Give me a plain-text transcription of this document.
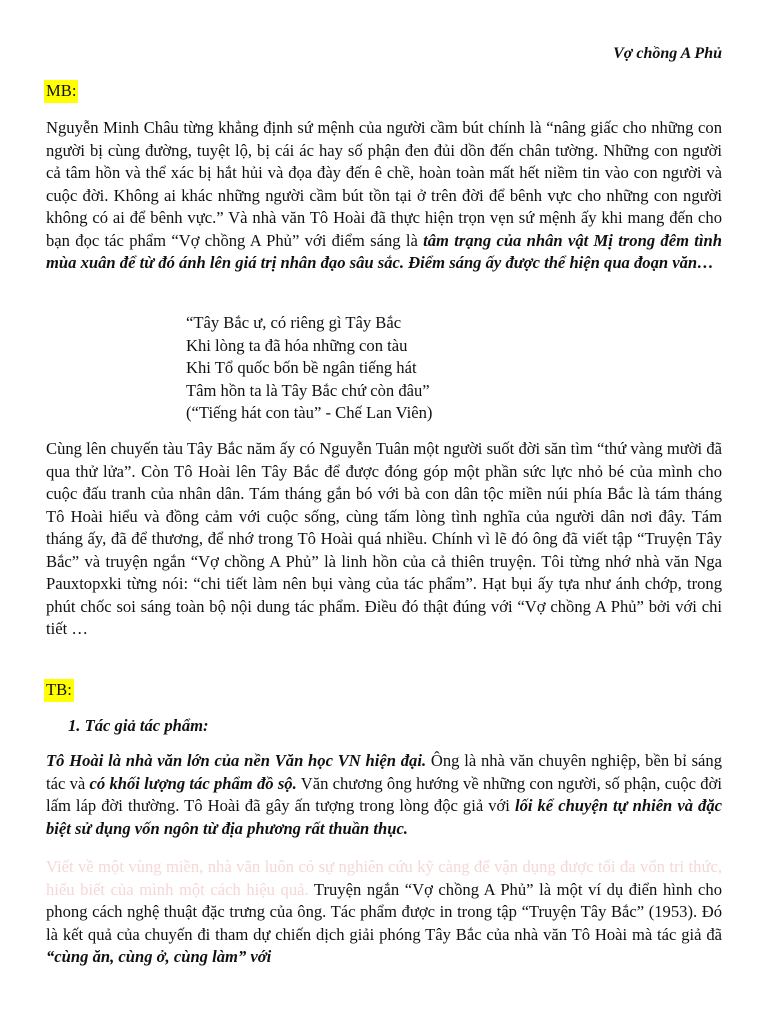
Vợ chồng A Phủ
MB:

Nguyễn Minh Châu từng khẳng định sứ mệnh của người cầm bút chính là “nâng giấc cho những con người bị cùng đường, tuyệt lộ, bị cái ác hay số phận đen đủi dồn đến chân tường. Những con người cả tâm hồn và thể xác bị hắt hủi và đọa đày đến ê chề, hoàn toàn mất hết niềm tin vào con người và cuộc đời. Không ai khác những người cầm bút tồn tại ở trên đời để bênh vực cho những con người không có ai để bênh vực.” Và nhà văn Tô Hoài đã thực hiện trọn vẹn sứ mệnh ấy khi mang đến cho bạn đọc tác phẩm “Vợ chồng A Phủ” với điểm sáng là tâm trạng của nhân vật Mị trong đêm tình mùa xuân để từ đó ánh lên giá trị nhân đạo sâu sắc. Điểm sáng ấy được thể hiện qua đoạn văn…

“Tây Bắc ư, có riêng gì Tây Bắc
Khi lòng ta đã hóa những con tàu
Khi Tổ quốc bốn bề ngân tiếng hát
Tâm hồn ta là Tây Bắc chứ còn đâu”
(“Tiếng hát con tàu” - Chế Lan Viên)

Cùng lên chuyến tàu Tây Bắc năm ấy có Nguyễn Tuân một người suốt đời săn tìm “thứ vàng mười đã qua thử lửa”. Còn Tô Hoài lên Tây Bắc để được đóng góp một phần sức lực nhỏ bé của mình cho cuộc đấu tranh của nhân dân. Tám tháng gắn bó với bà con dân tộc miền núi phía Bắc là tám tháng Tô Hoài hiểu và đồng cảm với cuộc sống, cùng tấm lòng tình nghĩa của người dân nơi đây. Tám tháng ấy, đã để thương, để nhớ trong Tô Hoài quá nhiều. Chính vì lẽ đó ông đã viết tập “Truyện Tây Bắc” và truyện ngắn “Vợ chồng A Phủ” là linh hồn của cả thiên truyện. Tôi từng nhớ nhà văn Nga Pauxtopxki từng nói: “chi tiết làm nên bụi vàng của tác phẩm”. Hạt bụi ấy tựa như ánh chớp, trong phút chốc soi sáng toàn bộ nội dung tác phẩm. Điều đó thật đúng với “Vợ chồng A Phủ” bởi với chi tiết …

TB:
1. Tác giả tác phẩm:

Tô Hoài là nhà văn lớn của nền Văn học VN hiện đại. Ông là nhà văn chuyên nghiệp, bền bỉ sáng tác và có khối lượng tác phẩm đồ sộ. Văn chương ông hướng về những con người, số phận, cuộc đời lấm láp đời thường. Tô Hoài đã gây ấn tượng trong lòng độc giả với lối kể chuyện tự nhiên và đặc biệt sử dụng vốn ngôn từ địa phương rất thuần thục.

Viết về một vùng miền, nhà văn luôn có sự nghiên cứu kỹ càng để vận dụng được tối đa vốn tri thức, hiểu biết của mình một cách hiệu quả. Truyện ngắn “Vợ chồng A Phủ” là một ví dụ điển hình cho phong cách nghệ thuật đặc trưng của ông. Tác phẩm được in trong tập “Truyện Tây Bắc” (1953). Đó là kết quả của chuyến đi tham dự chiến dịch giải phóng Tây Bắc của nhà văn Tô Hoài mà tác giả đã “cùng ăn, cùng ở, cùng làm” với
